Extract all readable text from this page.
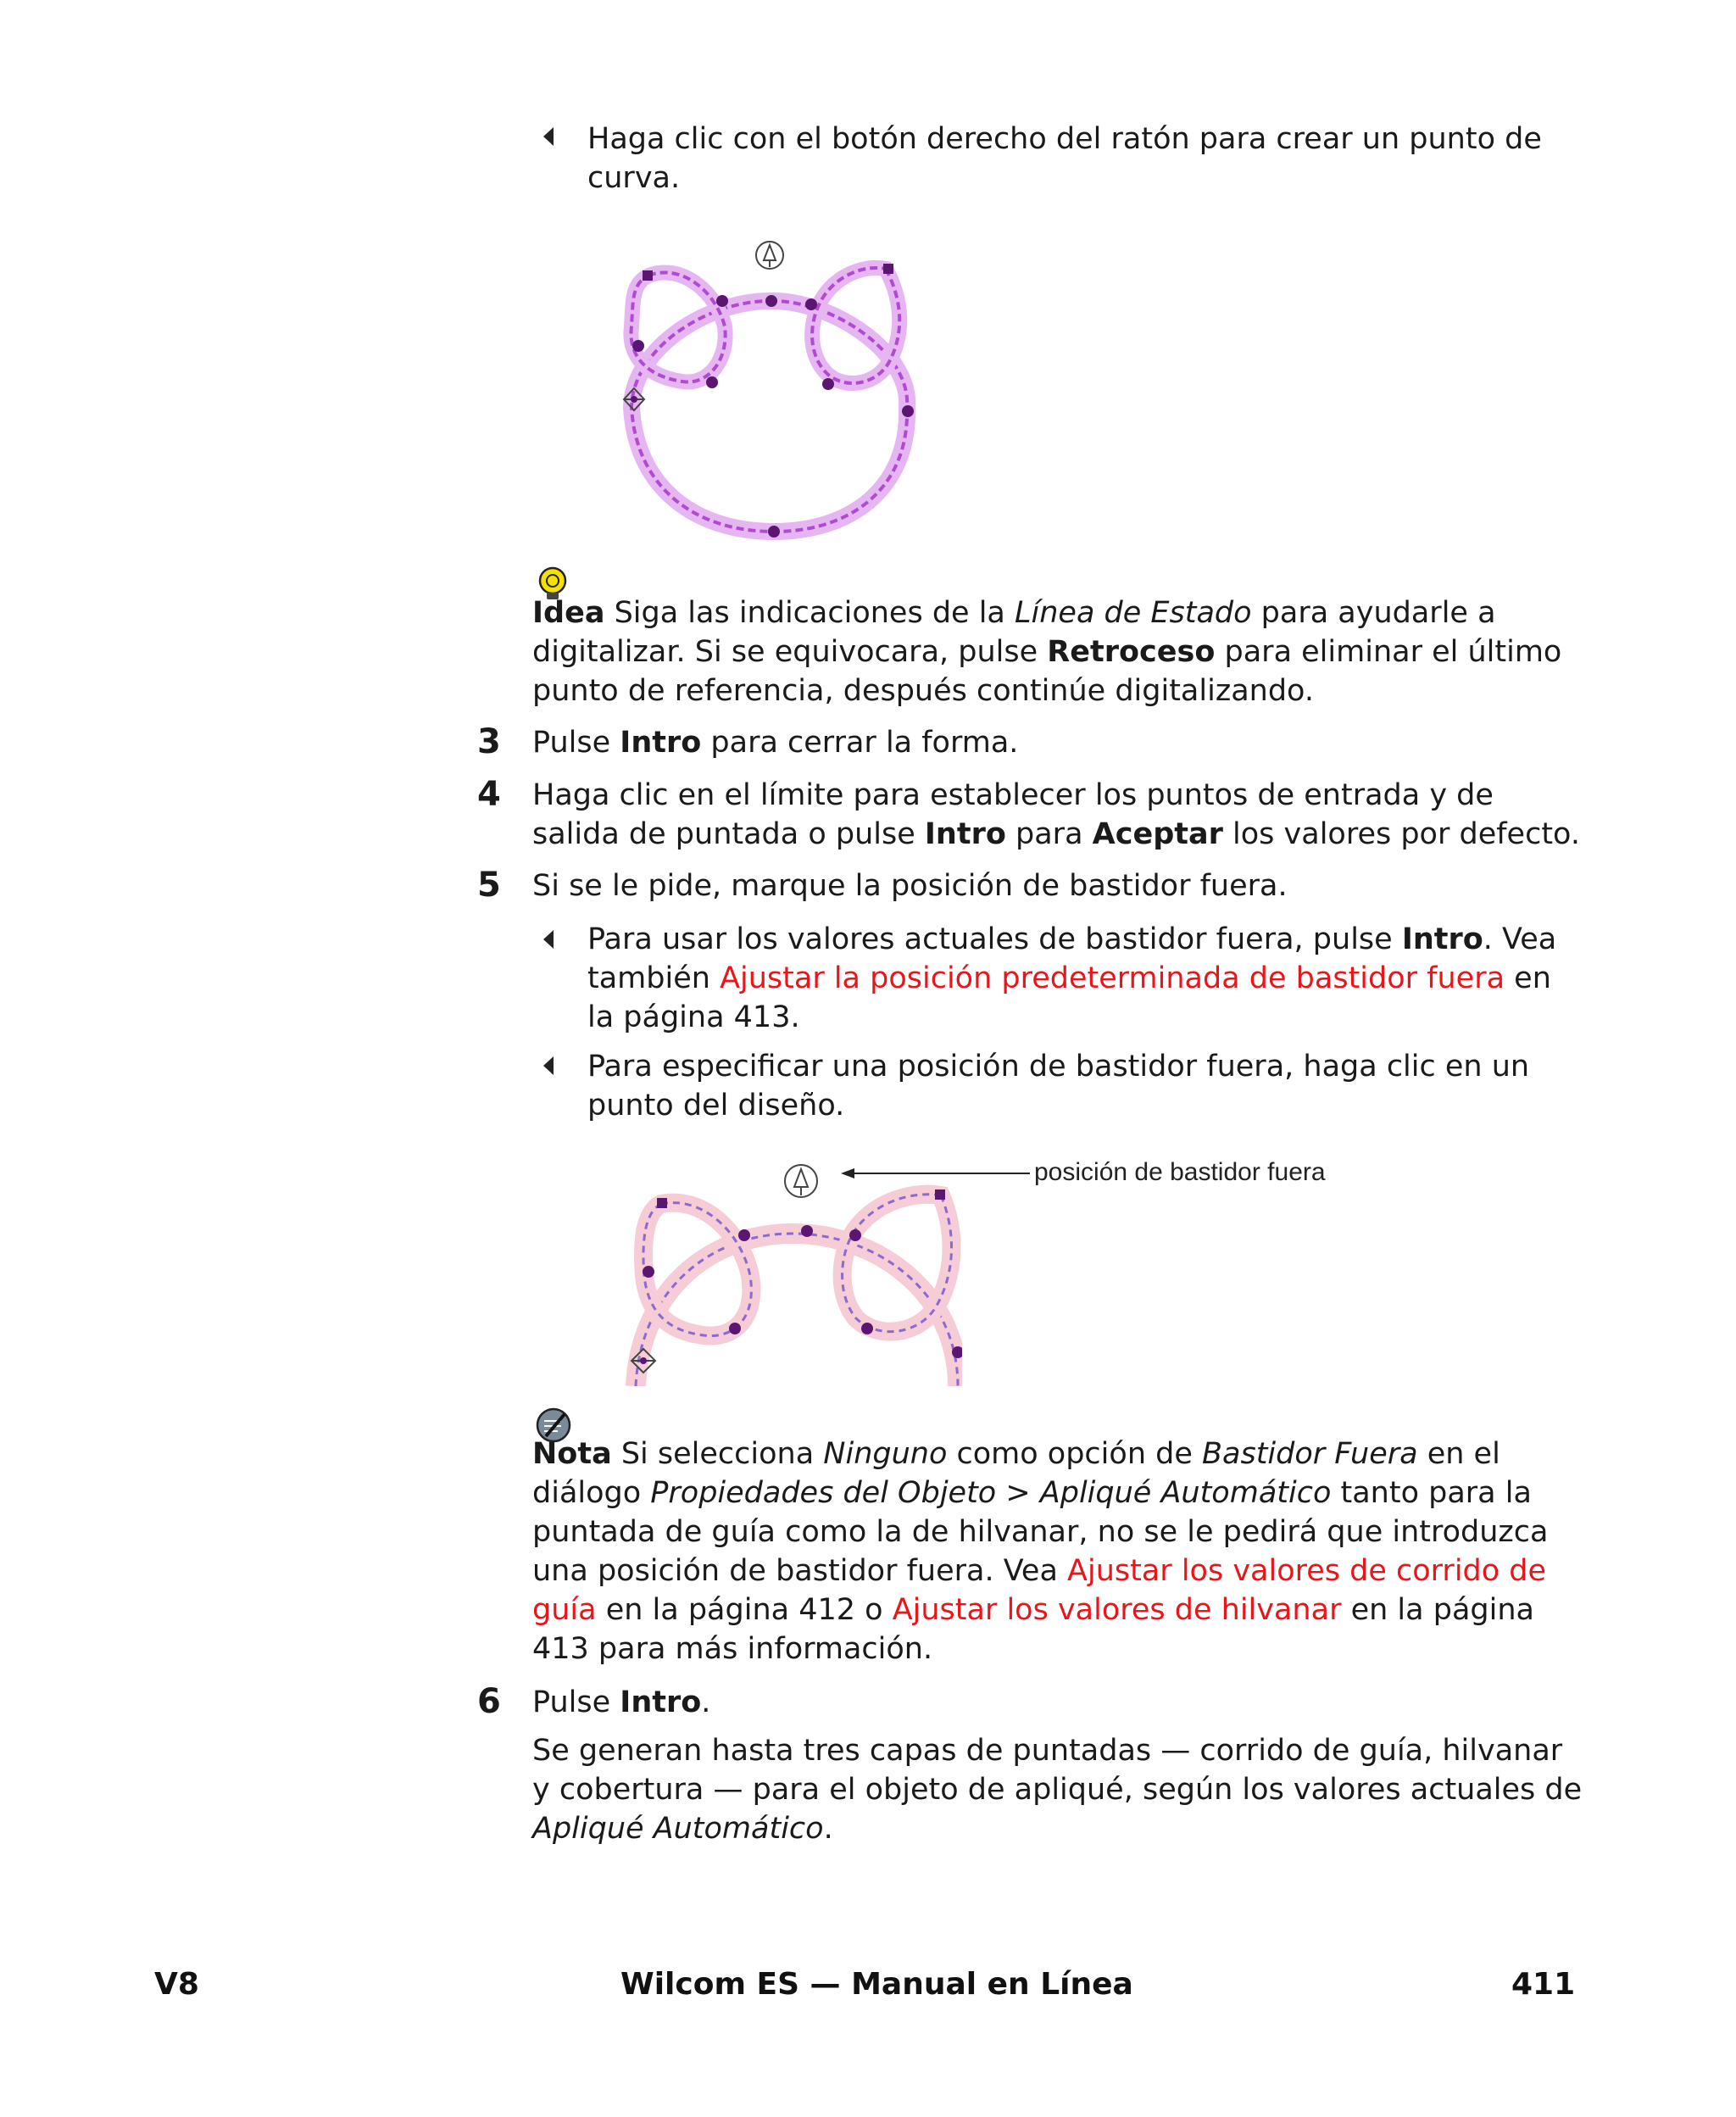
Haga clic con el botón derecho del ratón para crear un punto de curva.
Idea Siga las indicaciones de la Línea de Estado para ayudarle a digitalizar. Si se equivocara, pulse Retroceso para eliminar el último punto de referencia, después continúe digitalizando.
3 Pulse Intro para cerrar la forma.
4 Haga clic en el límite para establecer los puntos de entrada y de salida de puntada o pulse Intro para Aceptar los valores por defecto.
5 Si se le pide, marque la posición de bastidor fuera.
Para usar los valores actuales de bastidor fuera, pulse Intro. Vea también Ajustar la posición predeterminada de bastidor fuera en la página 413.
Para especificar una posición de bastidor fuera, haga clic en un punto del diseño.
posición de bastidor fuera
Nota Si selecciona Ninguno como opción de Bastidor Fuera en el diálogo Propiedades del Objeto > Apliqué Automático tanto para la puntada de guía como la de hilvanar, no se le pedirá que introduzca una posición de bastidor fuera. Vea Ajustar los valores de corrido de guía en la página 412 o Ajustar los valores de hilvanar en la página 413 para más información.
6 Pulse Intro.
Se generan hasta tres capas de puntadas — corrido de guía, hilvanar y cobertura — para el objeto de apliqué, según los valores actuales de Apliqué Automático.
V8	Wilcom ES — Manual en Línea	411
